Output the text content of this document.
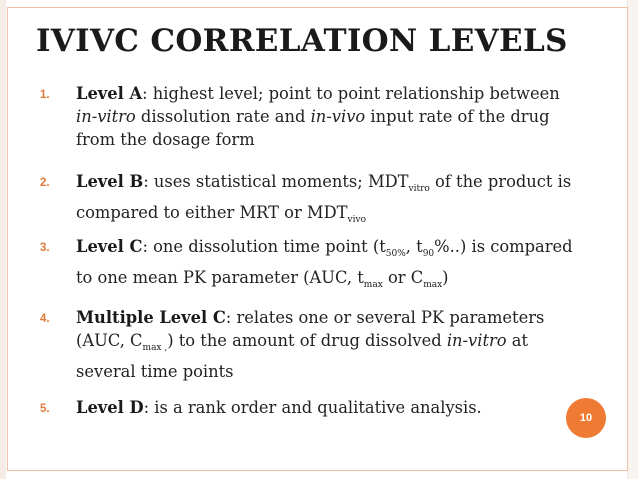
IVIVC CORRELATION LEVELS
1. Level A: highest level; point to point relationship between in-vitro dissolution rate and in-vivo input rate of the drug from the dosage form
2. Level B: uses statistical moments; $MDT_{vitro}$ of the product is compared to either MRT or $MDT_{vivo}$
3. Level C: one dissolution time point ($t_{50\%}$, $t_{90}\%$..) is compared to one mean PK parameter (AUC, $t_{max}$ or $C_{max}$)
4. Multiple Level C: relates one or several PK parameters (AUC, $C_{max ,}$) to the amount of drug dissolved in-vitro at several time points
5. Level D: is a rank order and qualitative analysis.
10
